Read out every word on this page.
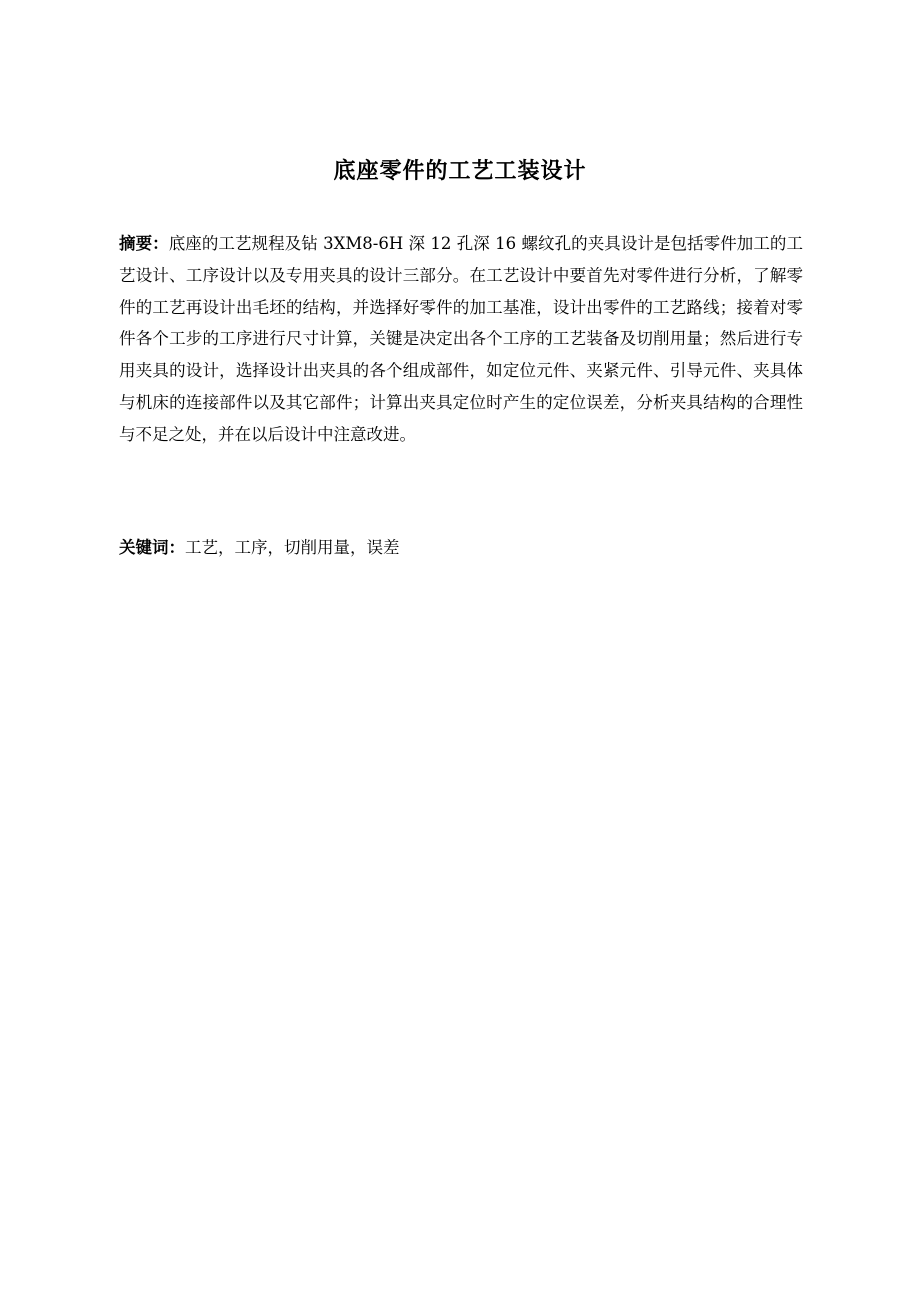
底座零件的工艺工装设计

摘要：底座的工艺规程及钻 3XM8-6H 深 12 孔深 16 螺纹孔的夹具设计是包括零件加工的工艺设计、工序设计以及专用夹具的设计三部分。在工艺设计中要首先对零件进行分析，了解零件的工艺再设计出毛坯的结构，并选择好零件的加工基准，设计出零件的工艺路线；接着对零件各个工步的工序进行尺寸计算，关键是决定出各个工序的工艺装备及切削用量；然后进行专用夹具的设计，选择设计出夹具的各个组成部件，如定位元件、夹紧元件、引导元件、夹具体与机床的连接部件以及其它部件；计算出夹具定位时产生的定位误差，分析夹具结构的合理性与不足之处，并在以后设计中注意改进。

关键词：工艺，工序，切削用量，误差
